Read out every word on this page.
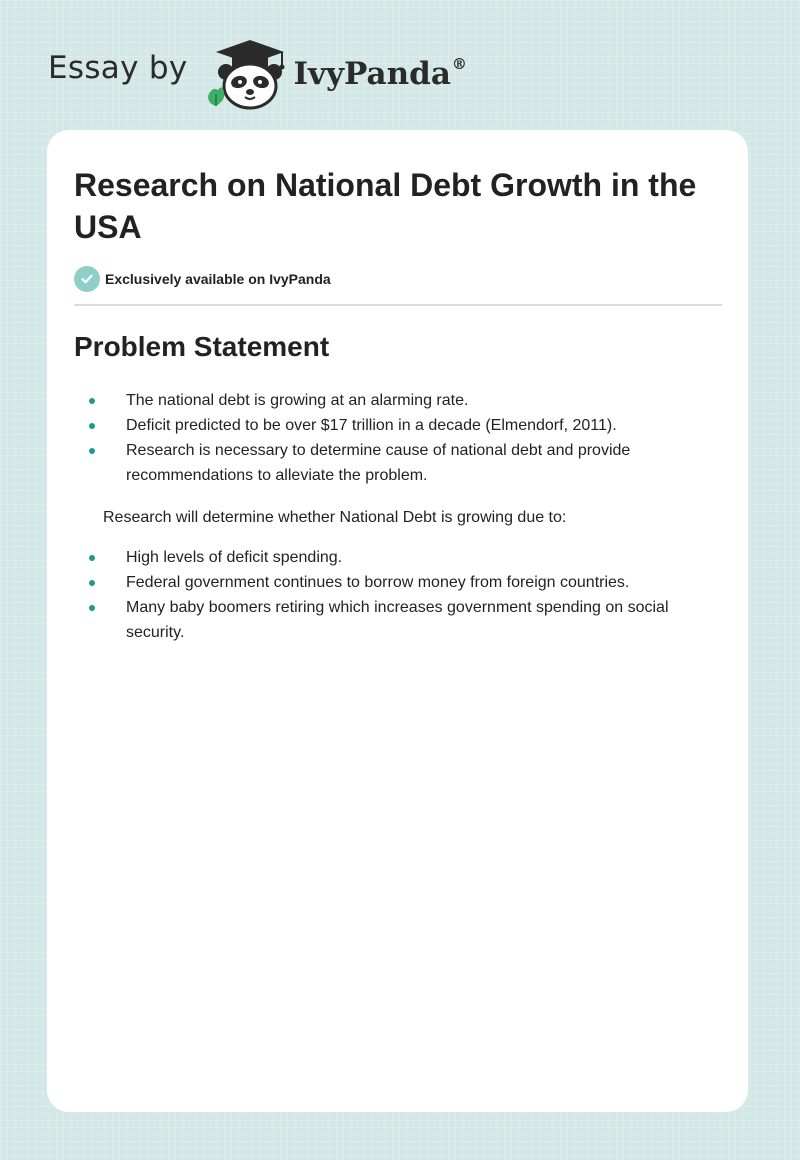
Essay by	IvyPanda®
Research on National Debt Growth in the USA
Exclusively available on IvyPanda
Problem Statement
The national debt is growing at an alarming rate.
Deficit predicted to be over $17 trillion in a decade (Elmendorf, 2011).
Research is necessary to determine cause of national debt and provide recommendations to alleviate the problem.

Research will determine whether National Debt is growing due to:

High levels of deficit spending.
Federal government continues to borrow money from foreign countries.
Many baby boomers retiring which increases government spending on social security.
